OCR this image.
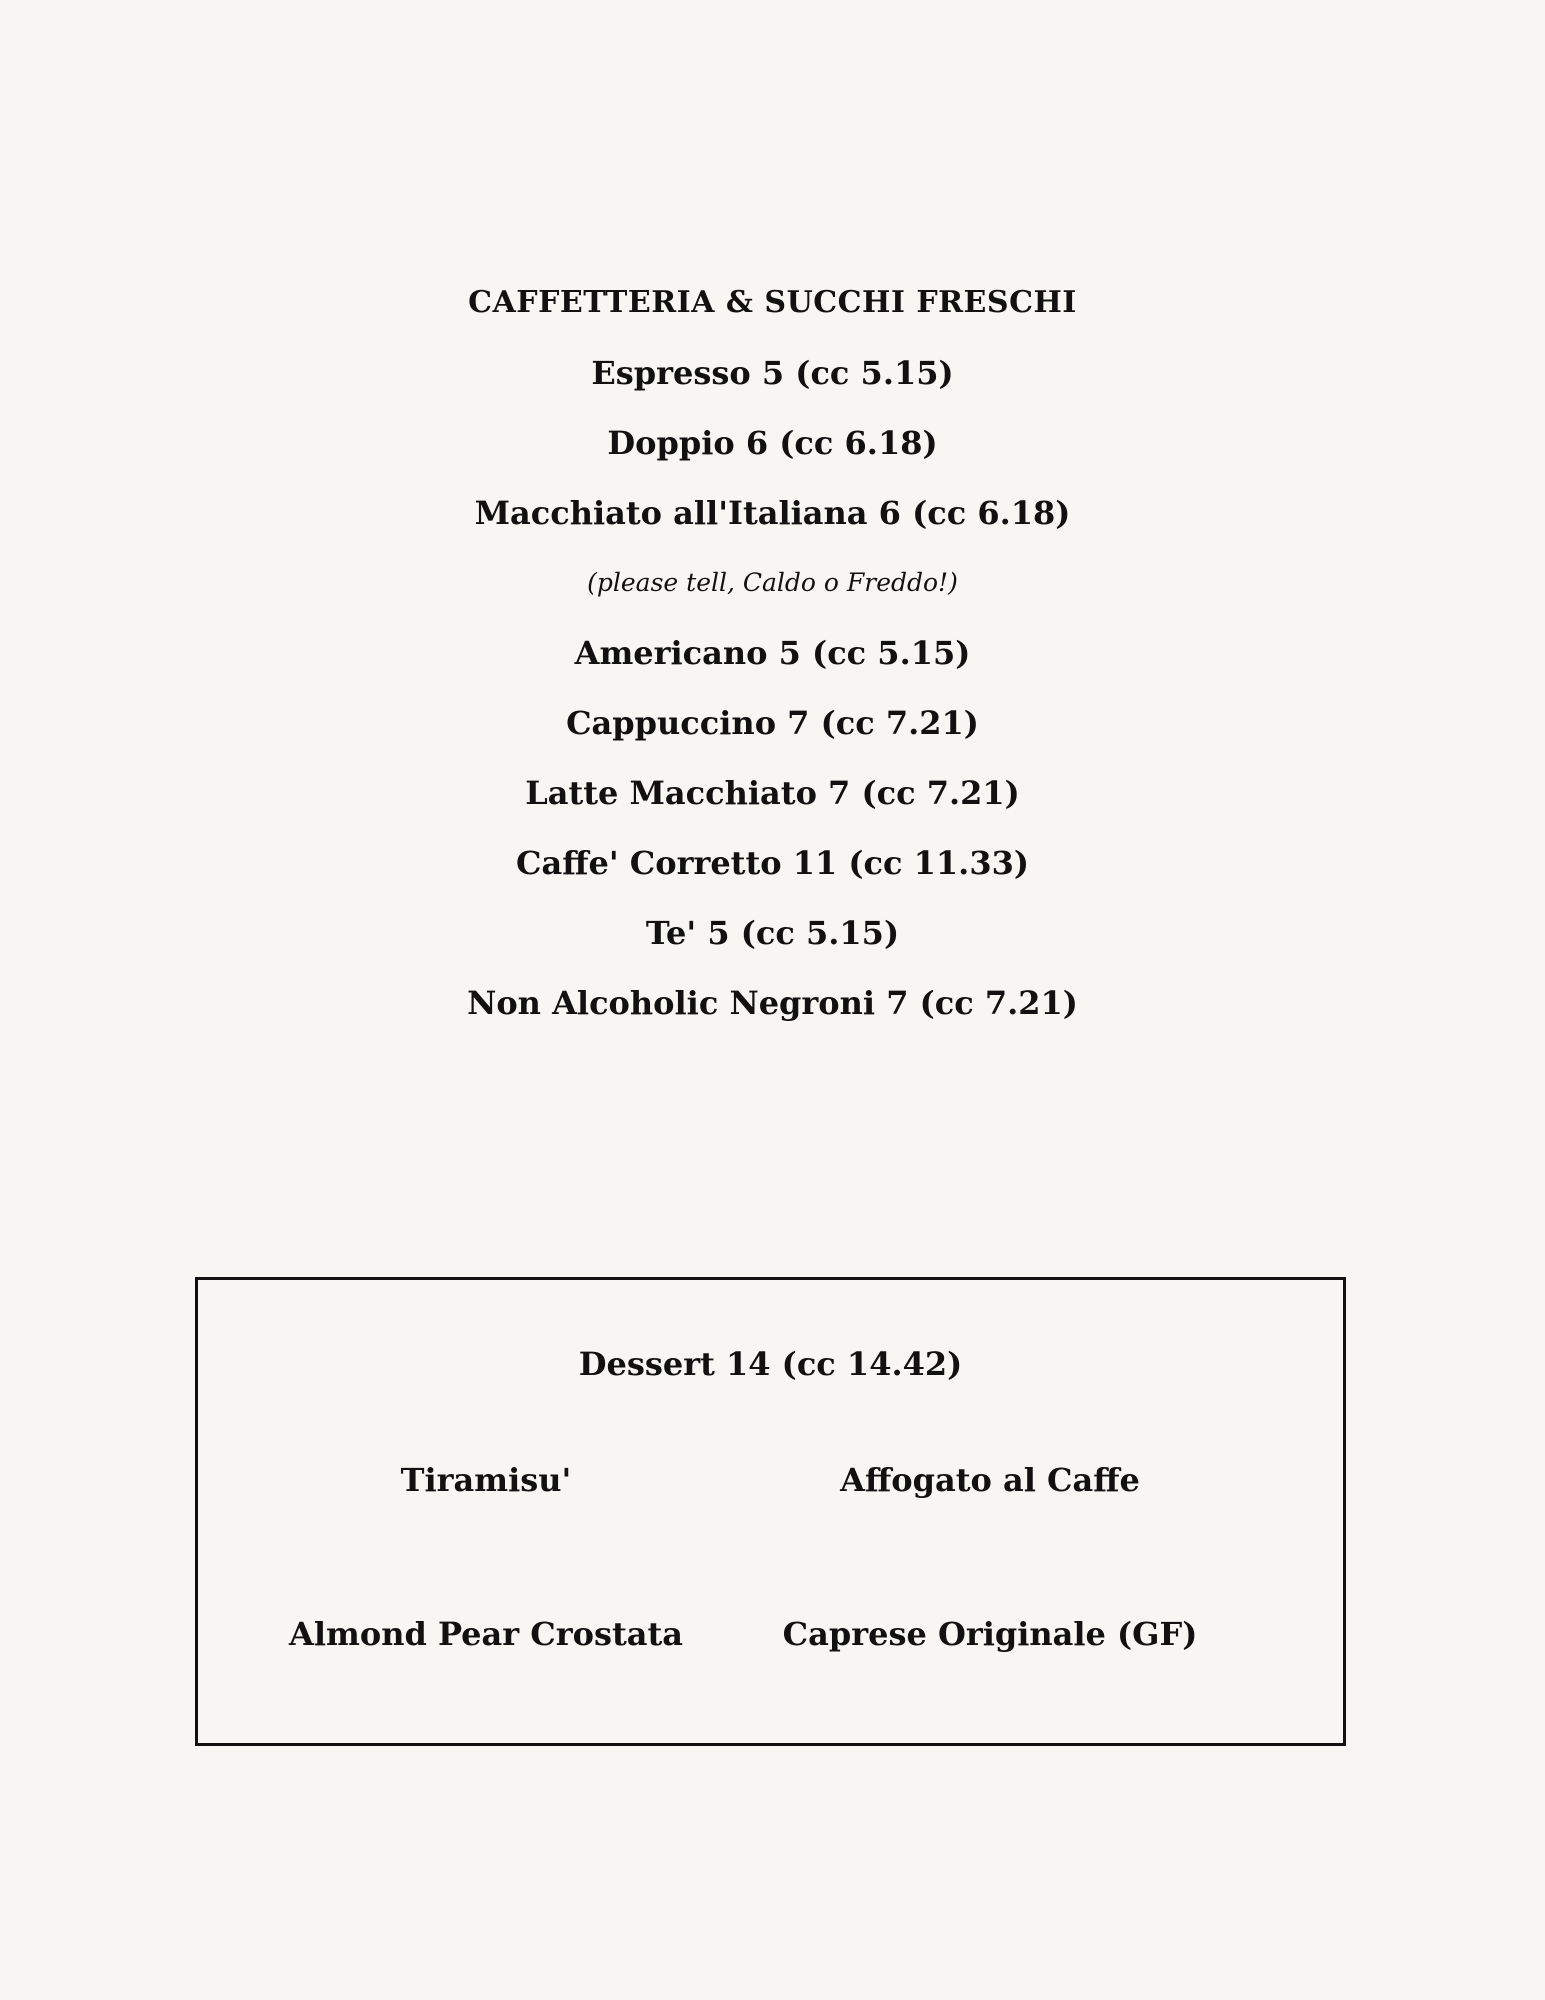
CAFFETTERIA & SUCCHI FRESCHI
Espresso 5 (cc 5.15)
Doppio 6 (cc 6.18)
Macchiato all'Italiana 6 (cc 6.18)
(please tell, Caldo o Freddo!)
Americano 5 (cc 5.15)
Cappuccino 7 (cc 7.21)
Latte Macchiato 7 (cc 7.21)
Caffe' Corretto 11 (cc 11.33)
Te' 5 (cc 5.15)
Non Alcoholic Negroni 7 (cc 7.21)
Dessert 14 (cc 14.42)
Tiramisu'	Affogato al Caffe
Almond Pear Crostata	Caprese Originale (GF)
